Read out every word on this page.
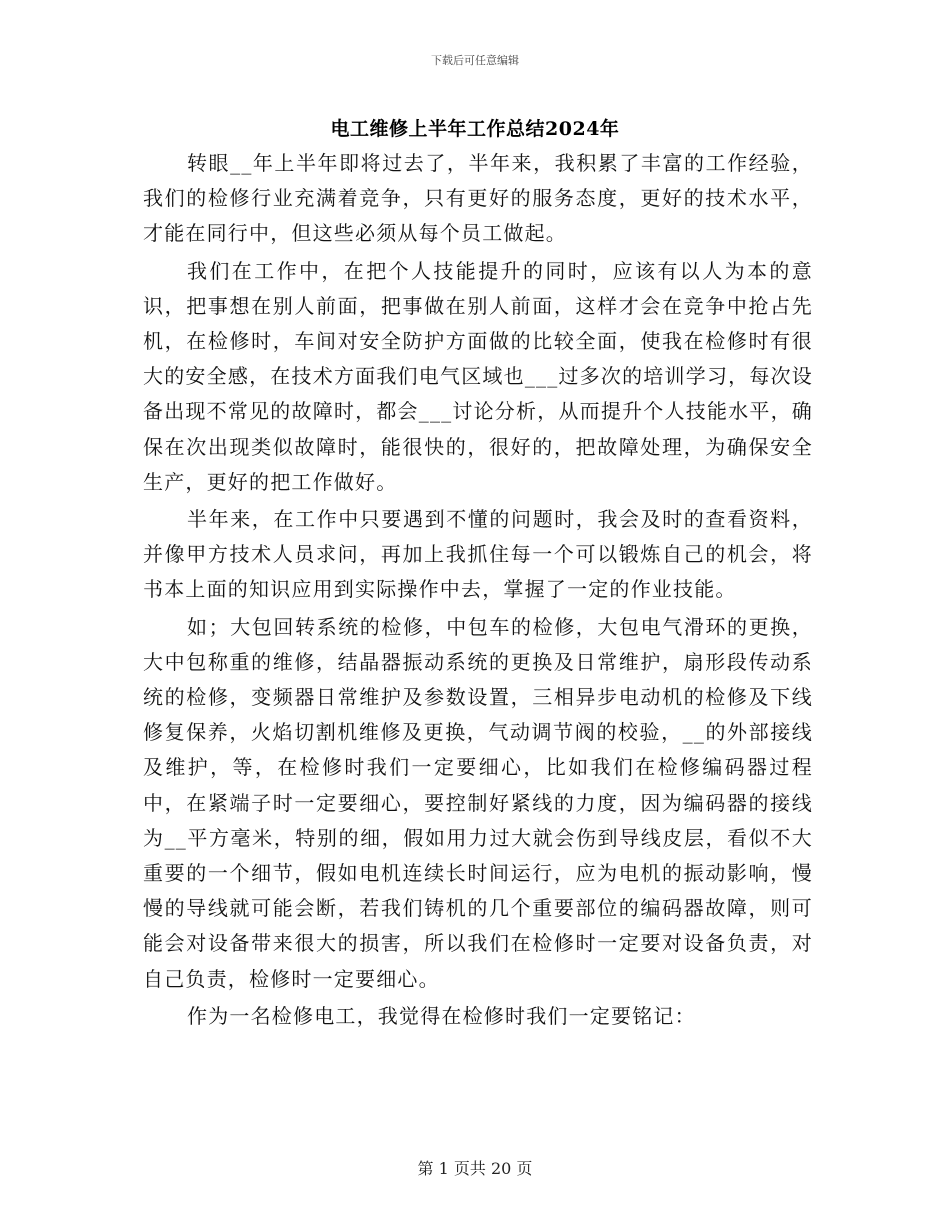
下载后可任意编辑
电工维修上半年工作总结2024年

转眼__年上半年即将过去了，半年来，我积累了丰富的工作经验，我们的检修行业充满着竞争，只有更好的服务态度，更好的技术水平，才能在同行中，但这些必须从每个员工做起。

我们在工作中，在把个人技能提升的同时，应该有以人为本的意识，把事想在别人前面，把事做在别人前面，这样才会在竞争中抢占先机，在检修时，车间对安全防护方面做的比较全面，使我在检修时有很大的安全感，在技术方面我们电气区域也___过多次的培训学习，每次设备出现不常见的故障时，都会___讨论分析，从而提升个人技能水平，确保在次出现类似故障时，能很快的，很好的，把故障处理，为确保安全生产，更好的把工作做好。

半年来，在工作中只要遇到不懂的问题时，我会及时的查看资料，并像甲方技术人员求问，再加上我抓住每一个可以锻炼自己的机会，将书本上面的知识应用到实际操作中去，掌握了一定的作业技能。

如；大包回转系统的检修，中包车的检修，大包电气滑环的更换，大中包称重的维修，结晶器振动系统的更换及日常维护，扇形段传动系统的检修，变频器日常维护及参数设置，三相异步电动机的检修及下线修复保养，火焰切割机维修及更换，气动调节阀的校验，__的外部接线及维护，等，在检修时我们一定要细心，比如我们在检修编码器过程中，在紧端子时一定要细心，要控制好紧线的力度，因为编码器的接线为__平方毫米，特别的细，假如用力过大就会伤到导线皮层，看似不大重要的一个细节，假如电机连续长时间运行，应为电机的振动影响，慢慢的导线就可能会断，若我们铸机的几个重要部位的编码器故障，则可能会对设备带来很大的损害，所以我们在检修时一定要对设备负责，对自己负责，检修时一定要细心。

作为一名检修电工，我觉得在检修时我们一定要铭记：

第 1 页共 20 页
